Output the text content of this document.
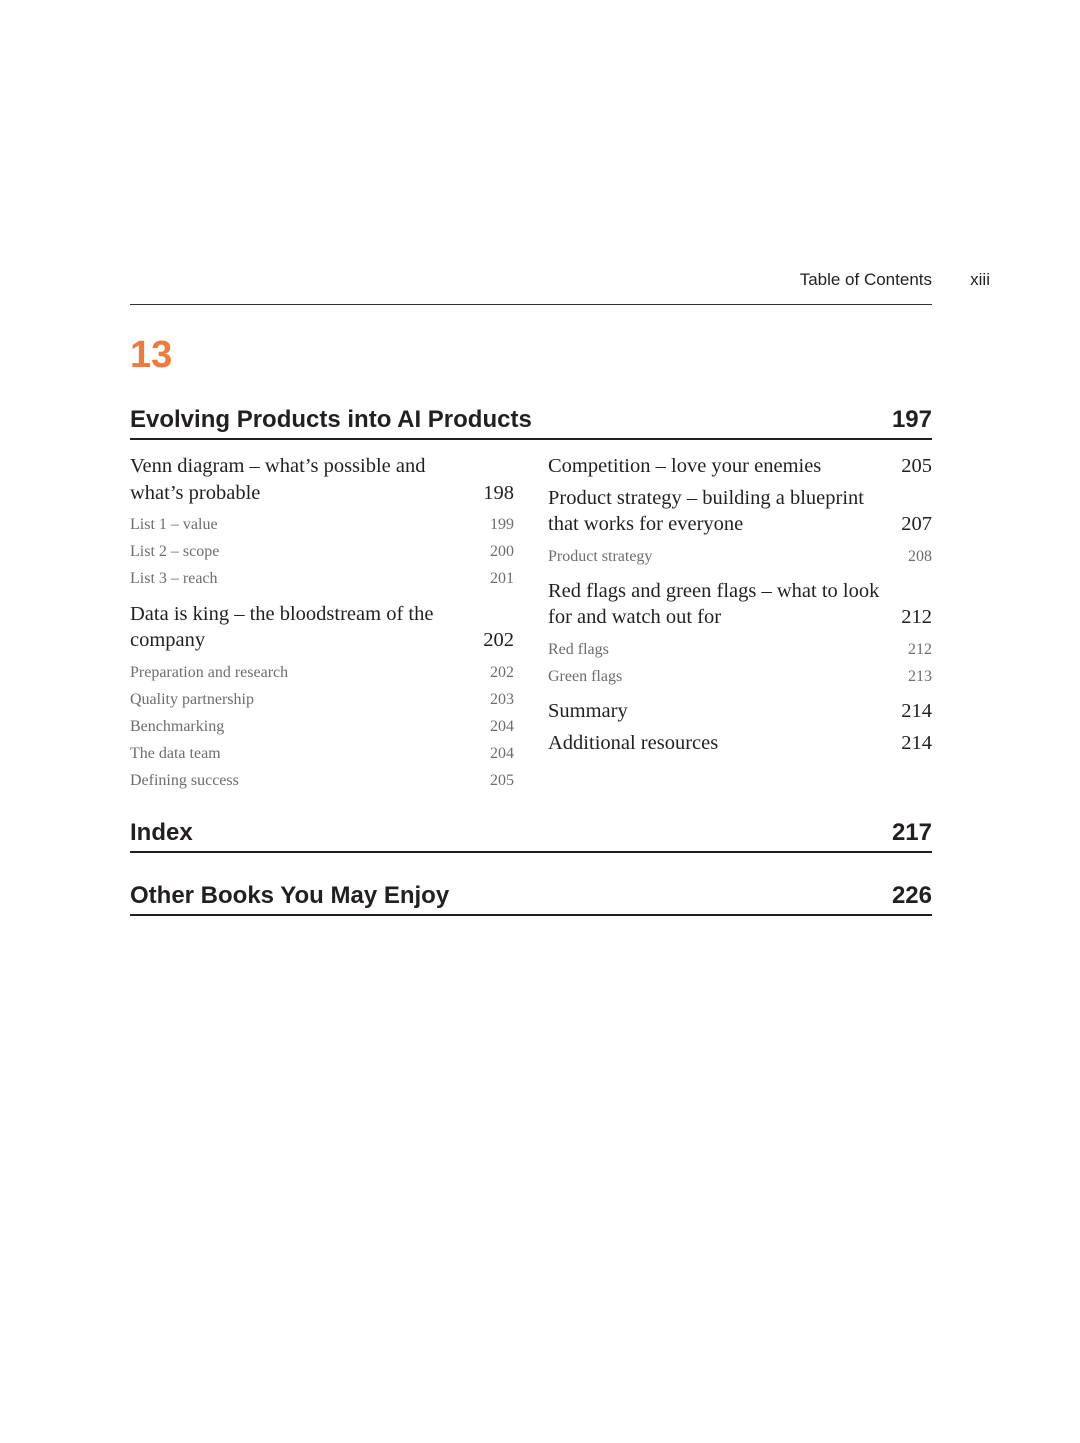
Table of Contents xiii
13
Evolving Products into AI Products	197
Venn diagram – what’s possible and what’s probable	198
List 1 – value	199
List 2 – scope	200
List 3 – reach	201
Data is king – the bloodstream of the company	202
Preparation and research	202
Quality partnership	203
Benchmarking	204
The data team	204
Defining success	205
Competition – love your enemies	205
Product strategy – building a blueprint that works for everyone	207
Product strategy	208
Red flags and green flags – what to look for and watch out for	212
Red flags	212
Green flags	213
Summary	214
Additional resources	214
Index	217
Other Books You May Enjoy	226
